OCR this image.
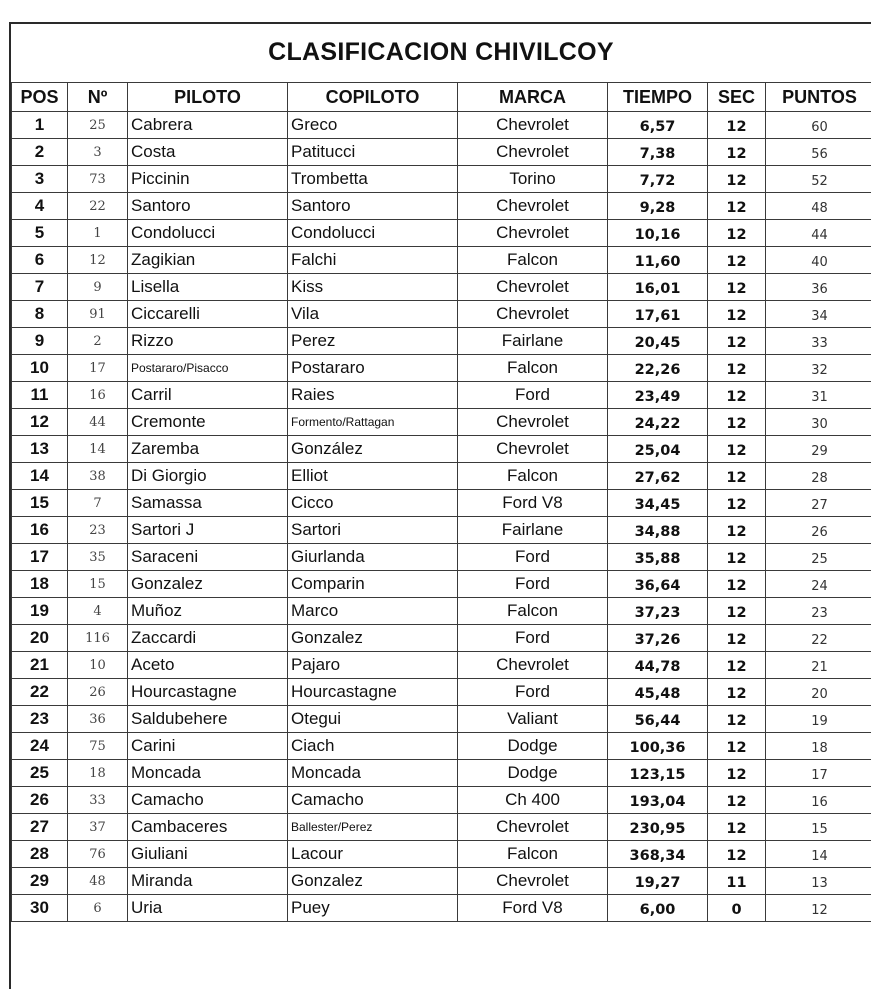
CLASIFICACION CHIVILCOY
POS	Nº	PILOTO	COPILOTO	MARCA	TIEMPO	SEC	PUNTOS
1	25	Cabrera	Greco	Chevrolet	6,57	12	60
2	3	Costa	Patitucci	Chevrolet	7,38	12	56
3	73	Piccinin	Trombetta	Torino	7,72	12	52
4	22	Santoro	Santoro	Chevrolet	9,28	12	48
5	1	Condolucci	Condolucci	Chevrolet	10,16	12	44
6	12	Zagikian	Falchi	Falcon	11,60	12	40
7	9	Lisella	Kiss	Chevrolet	16,01	12	36
8	91	Ciccarelli	Vila	Chevrolet	17,61	12	34
9	2	Rizzo	Perez	Fairlane	20,45	12	33
10	17	Postararo/Pisacco	Postararo	Falcon	22,26	12	32
11	16	Carril	Raies	Ford	23,49	12	31
12	44	Cremonte	Formento/Rattagan	Chevrolet	24,22	12	30
13	14	Zaremba	González	Chevrolet	25,04	12	29
14	38	Di Giorgio	Elliot	Falcon	27,62	12	28
15	7	Samassa	Cicco	Ford V8	34,45	12	27
16	23	Sartori J	Sartori	Fairlane	34,88	12	26
17	35	Saraceni	Giurlanda	Ford	35,88	12	25
18	15	Gonzalez	Comparin	Ford	36,64	12	24
19	4	Muñoz	Marco	Falcon	37,23	12	23
20	116	Zaccardi	Gonzalez	Ford	37,26	12	22
21	10	Aceto	Pajaro	Chevrolet	44,78	12	21
22	26	Hourcastagne	Hourcastagne	Ford	45,48	12	20
23	36	Saldubehere	Otegui	Valiant	56,44	12	19
24	75	Carini	Ciach	Dodge	100,36	12	18
25	18	Moncada	Moncada	Dodge	123,15	12	17
26	33	Camacho	Camacho	Ch 400	193,04	12	16
27	37	Cambaceres	Ballester/Perez	Chevrolet	230,95	12	15
28	76	Giuliani	Lacour	Falcon	368,34	12	14
29	48	Miranda	Gonzalez	Chevrolet	19,27	11	13
30	6	Uria	Puey	Ford V8	6,00	0	12
